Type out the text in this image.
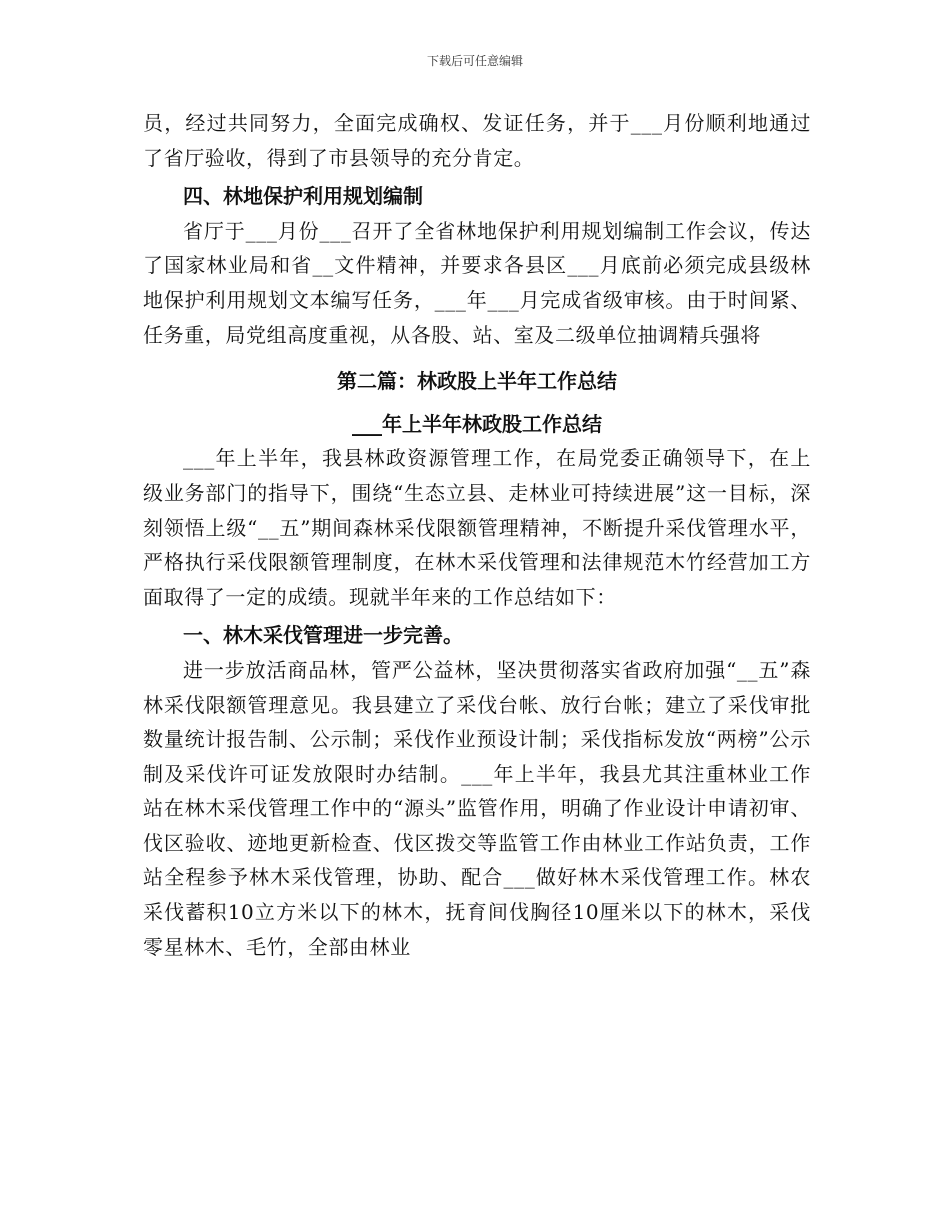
下载后可任意编辑

员，经过共同努力，全面完成确权、发证任务，并于___月份顺利地通过了省厅验收，得到了市县领导的充分肯定。

四、林地保护利用规划编制

省厅于___月份___召开了全省林地保护利用规划编制工作会议，传达了国家林业局和省__文件精神，并要求各县区___月底前必须完成县级林地保护利用规划文本编写任务，___年___月完成省级审核。由于时间紧、任务重，局党组高度重视，从各股、站、室及二级单位抽调精兵强将

第二篇：林政股上半年工作总结

___年上半年林政股工作总结

___年上半年，我县林政资源管理工作，在局党委正确领导下，在上级业务部门的指导下，围绕“生态立县、走林业可持续进展”这一目标，深刻领悟上级“__五”期间森林采伐限额管理精神，不断提升采伐管理水平，严格执行采伐限额管理制度，在林木采伐管理和法律规范木竹经营加工方面取得了一定的成绩。现就半年来的工作总结如下：

一、林木采伐管理进一步完善。

进一步放活商品林，管严公益林，坚决贯彻落实省政府加强“__五”森林采伐限额管理意见。我县建立了采伐台帐、放行台帐；建立了采伐审批数量统计报告制、公示制；采伐作业预设计制；采伐指标发放“两榜”公示制及采伐许可证发放限时办结制。___年上半年，我县尤其注重林业工作站在林木采伐管理工作中的“源头”监管作用，明确了作业设计申请初审、伐区验收、迹地更新检查、伐区拨交等监管工作由林业工作站负责，工作站全程参予林木采伐管理，协助、配合___做好林木采伐管理工作。林农采伐蓄积10立方米以下的林木，抚育间伐胸径10厘米以下的林木，采伐零星林木、毛竹，全部由林业
